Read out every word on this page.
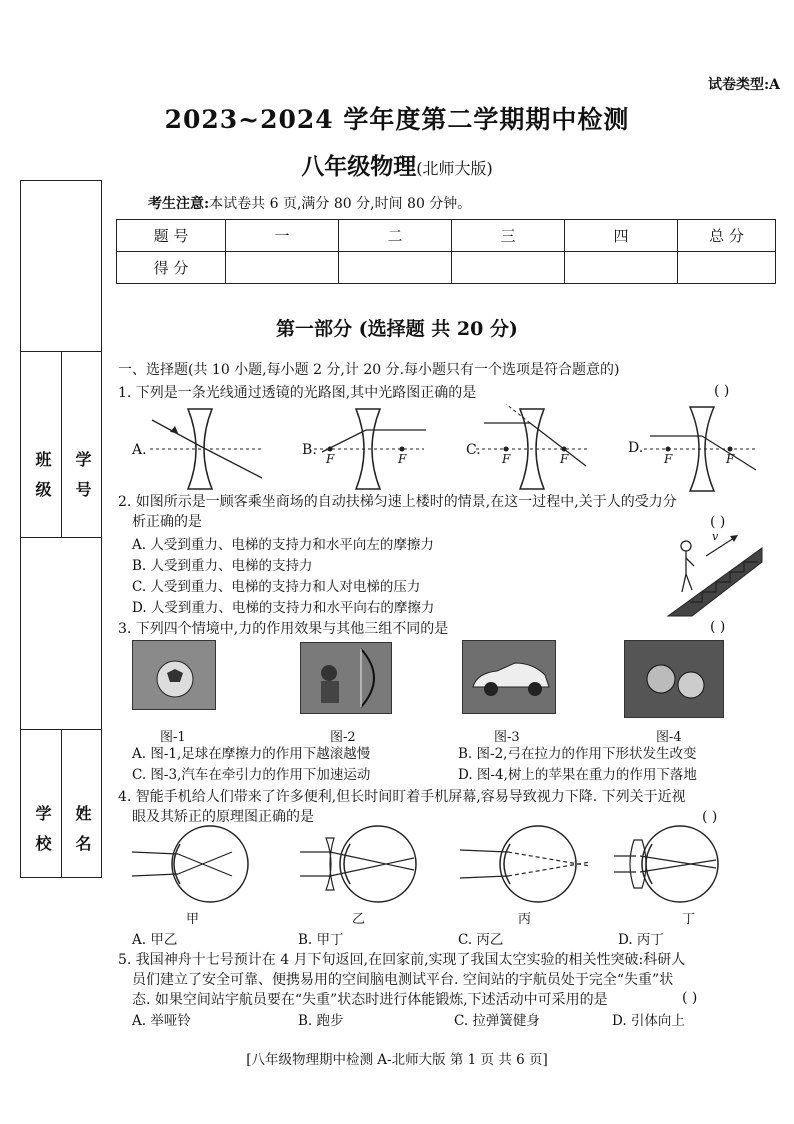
试卷类型:A
2023~2024 学年度第二学期期中检测
八年级物理(北师大版)
考生注意:本试卷共 6 页,满分 80 分,时间 80 分钟。
题 号	一	二	三	四	总 分
得 分					
班级 学号
学校 姓名
第一部分 (选择题 共 20 分)
一、选择题(共 10 小题,每小题 2 分,计 20 分.每小题只有一个选项是符合题意的)
1. 下列是一条光线通过透镜的光路图,其中光路图正确的是	( )
A.	B.	C.	D.
F	F	F	F	F	F
2. 如图所示是一顾客乘坐商场的自动扶梯匀速上楼时的情景,在这一过程中,关于人的受力分
析正确的是	( )
A. 人受到重力、电梯的支持力和水平向左的摩擦力
B. 人受到重力、电梯的支持力
C. 人受到重力、电梯的支持力和人对电梯的压力
D. 人受到重力、电梯的支持力和水平向右的摩擦力
v
3. 下列四个情境中,力的作用效果与其他三组不同的是	( )
图-1	图-2	图-3	图-4
A. 图-1,足球在摩擦力的作用下越滚越慢	B. 图-2,弓在拉力的作用下形状发生改变
C. 图-3,汽车在牵引力的作用下加速运动	D. 图-4,树上的苹果在重力的作用下落地
4. 智能手机给人们带来了许多便利,但长时间盯着手机屏幕,容易导致视力下降. 下列关于近视
眼及其矫正的原理图正确的是	( )
甲	乙	丙	丁
A. 甲乙	B. 甲丁	C. 丙乙	D. 丙丁
5. 我国神舟十七号预计在 4 月下旬返回,在回家前,实现了我国太空实验的相关性突破:科研人
员们建立了安全可靠、便携易用的空间脑电测试平台. 空间站的宇航员处于完全“失重”状
态. 如果空间站宇航员要在“失重”状态时进行体能锻炼,下述活动中可采用的是	( )
A. 举哑铃	B. 跑步	C. 拉弹簧健身	D. 引体向上
[八年级物理期中检测 A-北师大版 第 1 页 共 6 页]
